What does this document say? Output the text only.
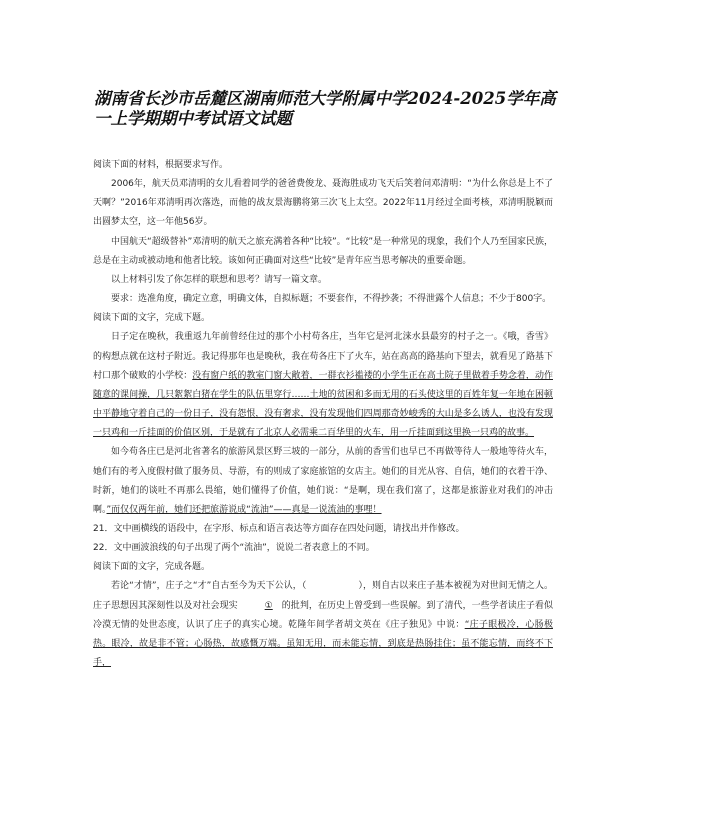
湖南省长沙市岳麓区湖南师范大学附属中学2024-2025学年高一上学期期中考试语文试题

阅读下面的材料，根据要求写作。

2006年，航天员邓清明的女儿看着同学的爸爸费俊龙、聂海胜成功飞天后笑着问邓清明：“为什么你总是上不了天啊？”2016年邓清明再次落选，而他的战友景海鹏将第三次飞上太空。2022年11月经过全面考核，邓清明脱颖而出圆梦太空，这一年他56岁。

中国航天“超级替补”邓清明的航天之旅充满着各种“比较”。“比较”是一种常见的现象，我们个人乃至国家民族，总是在主动或被动地和他者比较。该如何正确面对这些“比较”是青年应当思考解决的重要命题。

以上材料引发了你怎样的联想和思考？请写一篇文章。

要求：选准角度，确定立意，明确文体，自拟标题；不要套作，不得抄袭；不得泄露个人信息；不少于800字。

阅读下面的文字，完成下题。

日子定在晚秋，我重返九年前曾经住过的那个小村苟各庄，当年它是河北涞水县最穷的村子之一。《哦，香雪》的构想点就在这村子附近。我记得那年也是晚秋，我在苟各庄下了火车，站在高高的路基向下望去，就看见了路基下村口那个破败的小学校：没有窗户纸的教室门窗大敞着，一群衣衫褴褛的小学生正在高土院子里做着手势念着，动作随意的课间操，几只絮絮白猪在学生的队伍里穿行……土地的贫困和多而无用的石头使这里的百姓年复一年地在困顿中平静地守着自己的一份日子，没有怨恨，没有奢求，没有发现他们四周那奇妙峻秀的大山是多么诱人，也没有发现一只鸡和一斤挂面的价值区别，于是就有了北京人必需乘二百华里的火车，用一斤挂面到这里换一只鸡的故事。

如今苟各庄已是河北省著名的旅游风景区野三坡的一部分，从前的香雪们也早已不再做等待人一般地等待火车，她们有的考入度假村做了服务员、导游，有的则成了家庭旅馆的女店主。她们的目光从容、自信，她们的衣着干净、时新，她们的谈吐不再那么畏缩，她们懂得了价值，她们说：“是啊，现在我们富了，这都是旅游业对我们的冲击啊。”而仅仅两年前，她们还把旅游说成“流油”——真是一说流油的事哩！

21．文中画横线的语段中，在字形、标点和语言表达等方面存在四处问题，请找出并作修改。

22．文中画波浪线的句子出现了两个“流油”，说说二者表意上的不同。

阅读下面的文字，完成各题。

若论“才情”，庄子之“才”自古至今为天下公认，（	），则自古以来庄子基本被视为对世间无情之人。庄子思想因其深刻性以及对社会现实	① 的批判，在历史上曾受到一些误解。到了清代，一些学者读庄子看似冷漠无情的处世态度，认识了庄子的真实心境。乾隆年间学者胡文英在《庄子独见》中说：“庄子眼极冷，心肠极热。眼冷，故是非不管；心肠热，故感慨万端。虽知无用，而未能忘情，到底是热肠挂住；虽不能忘情，而终不下手，
